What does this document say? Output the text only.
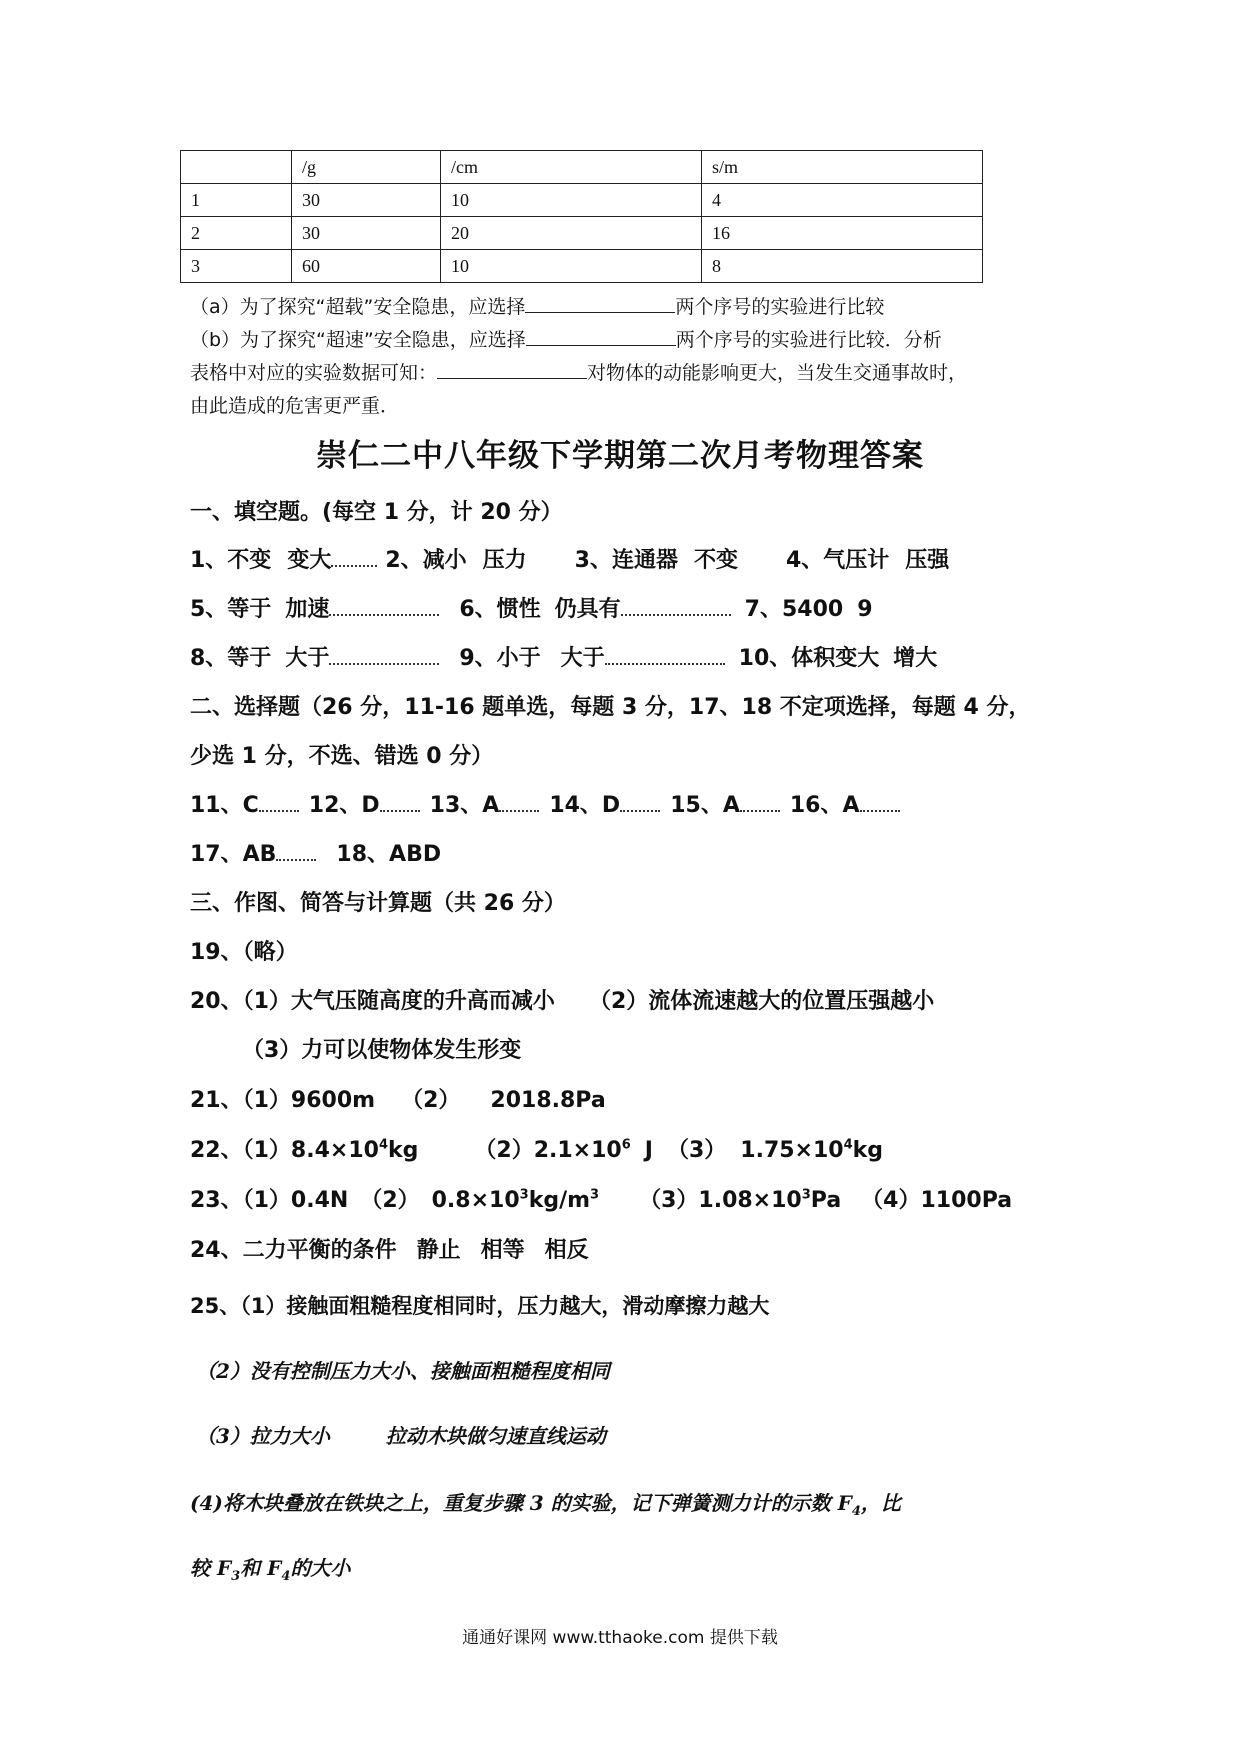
	/g	/cm	s/m
1	30	10	4
2	30	20	16
3	60	10	8
（a）为了探究“超载”安全隐患，应选择	两个序号的实验进行比较
（b）为了探究“超速”安全隐患，应选择	两个序号的实验进行比较．分析
表格中对应的实验数据可知：	对物体的动能影响更大，当发生交通事故时，
由此造成的危害更严重．
崇仁二中八年级下学期第二次月考物理答案
一、填空题。(每空 1 分，计 20 分）
1、不变 变大 2、减小 压力 3、连通器 不变 4、气压计 压强
5、等于 加速	6、惯性 仍具有	7、5400 9
8、等于 大于	9、小于 大于	10、体积变大 增大
二、选择题（26 分，11-16 题单选，每题 3 分，17、18 不定项选择，每题 4 分，
少选 1 分，不选、错选 0 分）
11、C 12、D 13、A 14、D 15、A 16、A
17、AB	18、ABD
三、作图、简答与计算题（共 26 分）
19、（略）
20、（1）大气压随高度的升高而减小 （2）流体流速越大的位置压强越小
（3）力可以使物体发生形变
21、（1）9600m （2） 2018.8Pa
22、$(1)8.4\times 10^4kg$	$(2)2.1\times 10^6$ J （3） $1.75\times 10^4kg$
23、（1）0.4N （2） $0.8\times 10^3kg/m^3$ $(3)1.08\times 10^3Pa$ （4）1100Pa
24、二力平衡的条件 静止 相等 相反
25、（1）接触面粗糙程度相同时，压力越大，滑动摩擦力越大
（2）没有控制压力大小、接触面粗糙程度相同
（3）拉力大小	拉动木块做匀速直线运动
(4)将木块叠放在铁块之上，重复步骤 3 的实验，记下弹簧测力计的示数 $F_4$，比
较 $F_3$和 $F_4$的大小
通通好课网 www.tthaoke.com 提供下载
